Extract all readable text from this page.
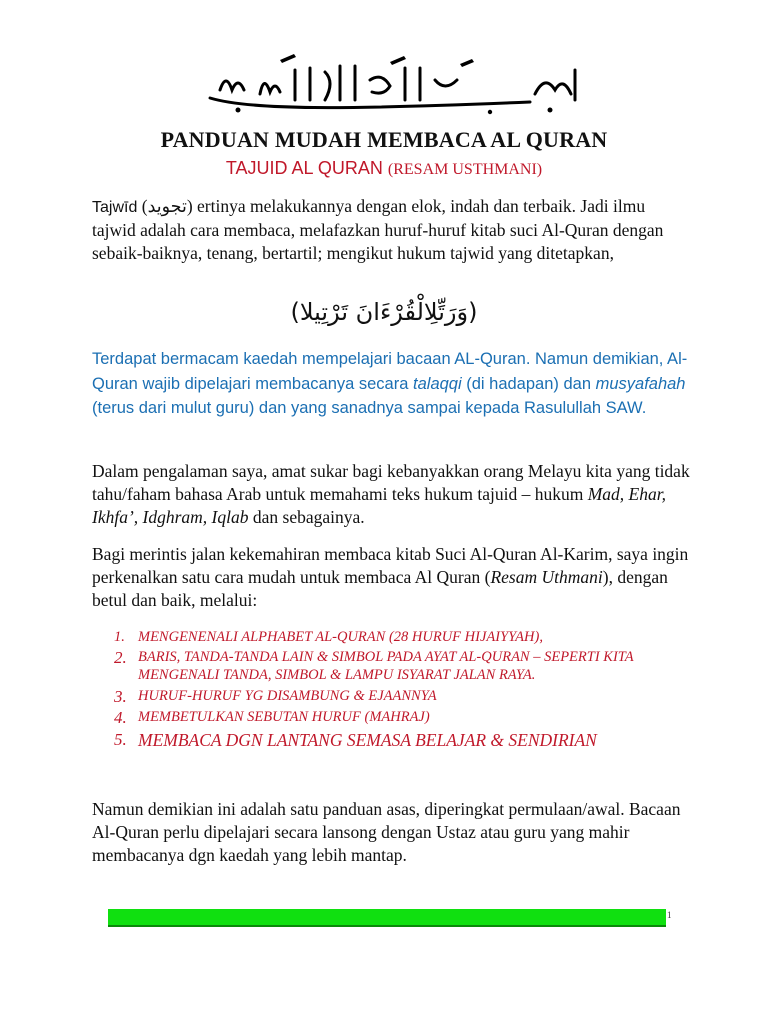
بِسْمِ ٱللَّهِ ٱلرَّحْمَٰنِ ٱلرَّحِيمِ
PANDUAN MUDAH MEMBACA AL QURAN
TAJUID AL QURAN (RESAM USTHMANI)
Tajwīd (تجويد) ertinya melakukannya dengan elok, indah dan terbaik. Jadi ilmu tajwid adalah cara membaca, melafazkan huruf-huruf kitab suci Al-Quran dengan sebaik-baiknya, tenang, bertartil; mengikut hukum tajwid yang ditetapkan,
(وَرَتِّلِالْقُرْءَانَ تَرْتِيلا)
Terdapat bermacam kaedah mempelajari bacaan AL-Quran. Namun demikian, Al-Quran wajib dipelajari membacanya secara talaqqi (di hadapan) dan musyafahah (terus dari mulut guru) dan yang sanadnya sampai kepada Rasulullah SAW.
Dalam pengalaman saya, amat sukar bagi kebanyakkan orang Melayu kita yang tidak tahu/faham bahasa Arab untuk memahami teks hukum tajuid – hukum Mad, Ehar, Ikhfa’, Idghram, Iqlab dan sebagainya.
Bagi merintis jalan kekemahiran membaca kitab Suci Al-Quran Al-Karim, saya ingin perkenalkan satu cara mudah untuk membaca Al Quran (Resam Uthmani), dengan betul dan baik, melalui:
1. MENGENENALI ALPHABET AL-QURAN (28 HURUF HIJAIYYAH),
2. BARIS, TANDA-TANDA LAIN & SIMBOL PADA AYAT AL-QURAN – SEPERTI KITA MENGENALI TANDA, SIMBOL & LAMPU ISYARAT JALAN RAYA.
3. HURUF-HURUF YG DISAMBUNG & EJAANNYA
4. MEMBETULKAN SEBUTAN HURUF (MAHRAJ)
5. MEMBACA DGN LANTANG SEMASA BELAJAR & SENDIRIAN
Namun demikian ini adalah satu panduan asas, diperingkat permulaan/awal. Bacaan Al-Quran perlu dipelajari secara lansong dengan Ustaz atau guru yang mahir membacanya dgn kaedah yang lebih mantap.
1
